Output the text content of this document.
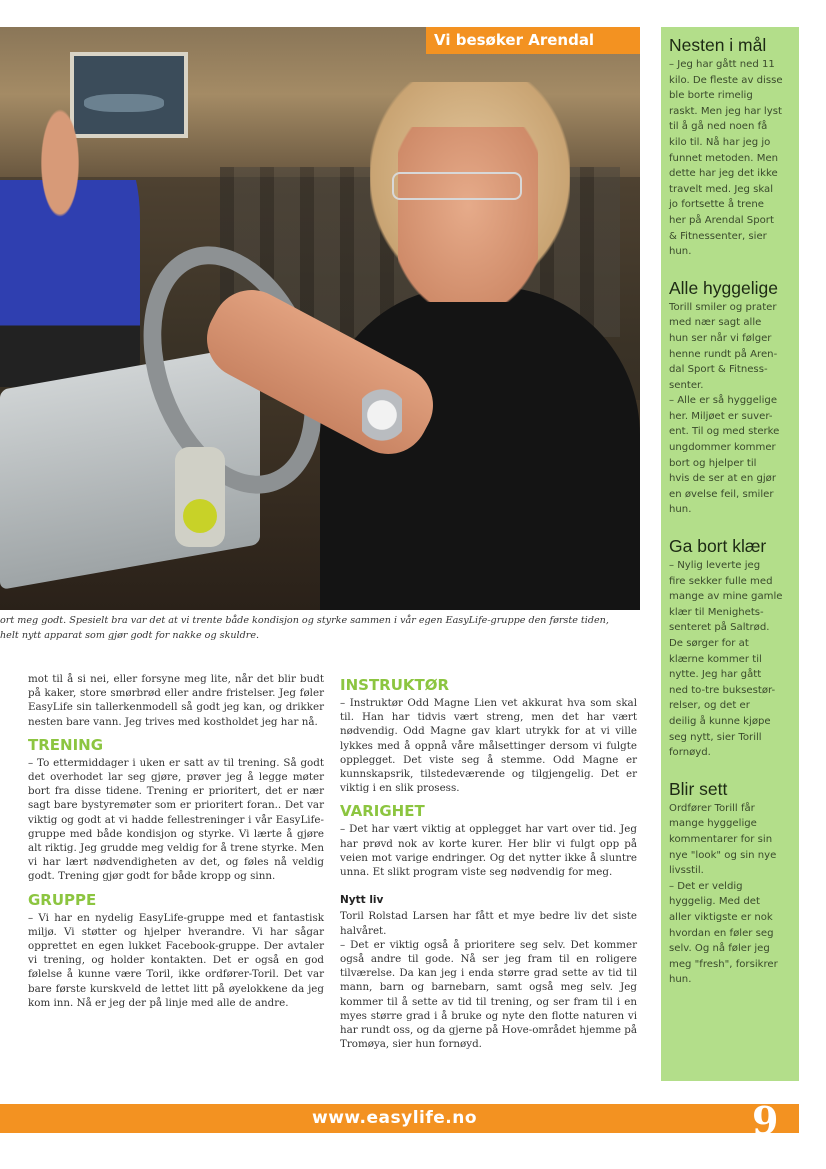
Vi besøker Arendal
ort meg godt. Spesielt bra var det at vi trente både kondisjon og styrke sammen i vår egen EasyLife-gruppe den første tiden,
helt nytt apparat som gjør godt for nakke og skuldre.

mot til å si nei, eller forsyne meg lite, når det blir budt på kaker, store smørbrød eller andre fristelser. Jeg føler EasyLife sin tallerkenmodell så godt jeg kan, og drikker nesten bare vann. Jeg trives med kostholdet jeg har nå.

TRENING

– To ettermiddager i uken er satt av til trening. Så godt det overhodet lar seg gjøre, prøver jeg å legge møter bort fra disse tidene. Trening er prioritert, det er nær sagt bare bystyremøter som er prioritert foran.. Det var viktig og godt at vi hadde fellestreninger i vår EasyLife-gruppe med både kondisjon og styrke. Vi lærte å gjøre alt riktig. Jeg grudde meg veldig for å trene styrke. Men vi har lært nødvendigheten av det, og føles nå veldig godt. Trening gjør godt for både kropp og sinn.

GRUPPE

– Vi har en nydelig EasyLife-gruppe med et fantastisk miljø. Vi støtter og hjelper hverandre. Vi har sågar opprettet en egen lukket Facebook-gruppe. Der avtaler vi trening, og holder kontakten. Det er også en god følelse å kunne være Toril, ikke ordfører-Toril. Det var bare første kurskveld de lettet litt på øyelokkene da jeg kom inn. Nå er jeg der på linje med alle de andre.

INSTRUKTØR

– Instruktør Odd Magne Lien vet akkurat hva som skal til. Han har tidvis vært streng, men det har vært nødvendig. Odd Magne gav klart utrykk for at vi ville lykkes med å oppnå våre målsettinger dersom vi fulgte opplegget. Det viste seg å stemme. Odd Magne er kunnskapsrik, tilstedeværende og tilgjengelig. Det er viktig i en slik prosess.

VARIGHET

– Det har vært viktig at opplegget har vart over tid. Jeg har prøvd nok av korte kurer. Her blir vi fulgt opp på veien mot varige endringer. Og det nytter ikke å sluntre unna. Et slikt program viste seg nødvendig for meg.

Nytt liv

Toril Rolstad Larsen har fått et mye bedre liv det siste halvåret.

– Det er viktig også å prioritere seg selv. Det kommer også andre til gode. Nå ser jeg fram til en roligere tilværelse. Da kan jeg i enda større grad sette av tid til mann, barn og barnebarn, samt også meg selv. Jeg kommer til å sette av tid til trening, og ser fram til i en myes større grad i å bruke og nyte den flotte naturen vi har rundt oss, og da gjerne på Hove-området hjemme på Tromøya, sier hun fornøyd.

Nesten i mål
– Jeg har gått ned 11
kilo. De fleste av disse
ble borte rimelig
raskt. Men jeg har lyst
til å gå ned noen få
kilo til. Nå har jeg jo
funnet metoden. Men
dette har jeg det ikke
travelt med. Jeg skal
jo fortsette å trene
her på Arendal Sport
& Fitnessenter, sier
hun.
Alle hyggelige
Torill smiler og prater
med nær sagt alle
hun ser når vi følger
henne rundt på Aren-
dal Sport & Fitness-
senter.
– Alle er så hyggelige
her. Miljøet er suver-
ent. Til og med sterke
ungdommer kommer
bort og hjelper til
hvis de ser at en gjør
en øvelse feil, smiler
hun.
Ga bort klær
– Nylig leverte jeg
fire sekker fulle med
mange av mine gamle
klær til Menighets-
senteret på Saltrød.
De sørger for at
klærne kommer til
nytte. Jeg har gått
ned to-tre buksestør-
relser, og det er
deilig å kunne kjøpe
seg nytt, sier Torill
fornøyd.
Blir sett
Ordfører Torill får
mange hyggelige
kommentarer for sin
nye "look" og sin nye
livsstil.
– Det er veldig
hyggelig. Med det
aller viktigste er nok
hvordan en føler seg
selv. Og nå føler jeg
meg "fresh", forsikrer
hun.
www.easylife.no	9
